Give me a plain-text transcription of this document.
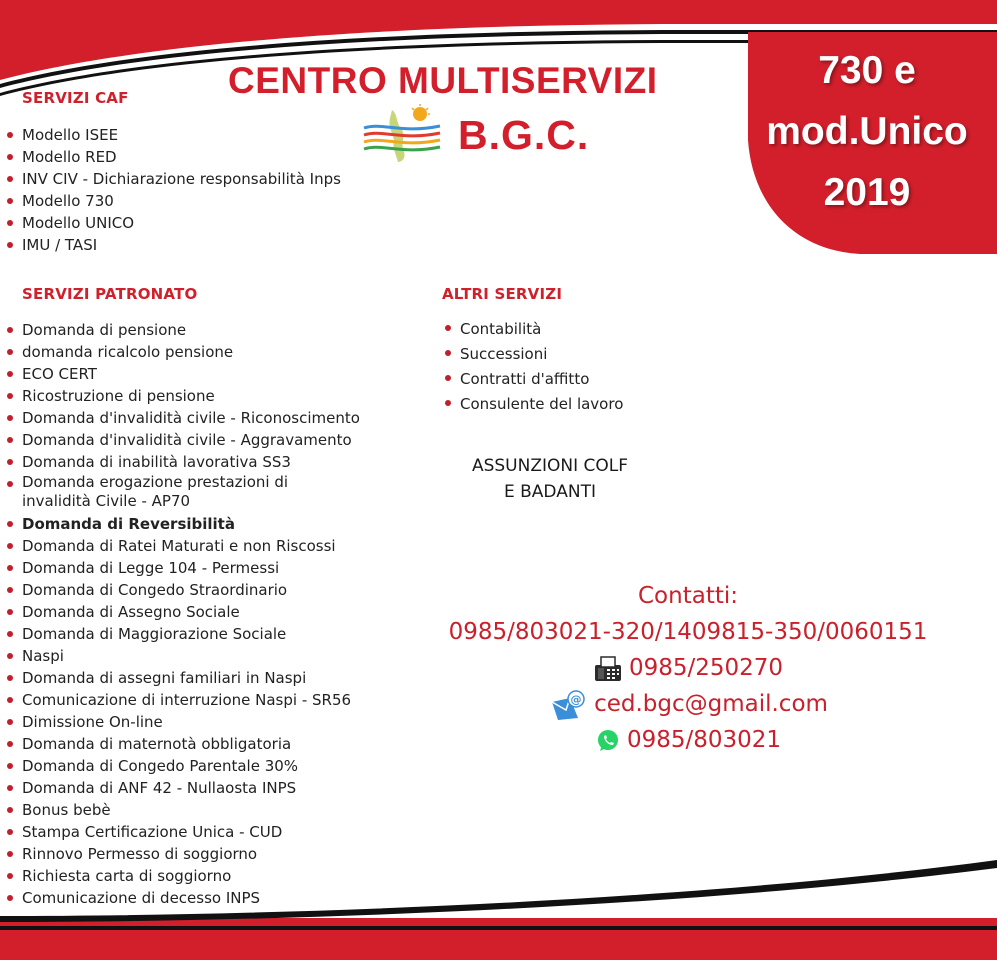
CENTRO MULTISERVIZI
B.G.C.
730 e
mod.Unico
2019
SERVIZI CAF
Modello ISEE
Modello RED
INV CIV - Dichiarazione responsabilità Inps
Modello 730
Modello UNICO
IMU / TASI
SERVIZI PATRONATO
Domanda di pensione
domanda ricalcolo pensione
ECO CERT
Ricostruzione di pensione
Domanda d'invalidità civile - Riconoscimento
Domanda d'invalidità civile - Aggravamento
Domanda di inabilità lavorativa SS3
Domanda erogazione prestazioni di invalidità Civile - AP70
Domanda di Reversibilità
Domanda di Ratei Maturati e non Riscossi
Domanda di Legge 104 - Permessi
Domanda di Congedo Straordinario
Domanda di Assegno Sociale
Domanda di Maggiorazione Sociale
Naspi
Domanda di assegni familiari in Naspi
Comunicazione di interruzione Naspi - SR56
Dimissione On-line
Domanda di maternotà obbligatoria
Domanda di Congedo Parentale 30%
Domanda di ANF 42 - Nullaosta INPS
Bonus bebè
Stampa Certificazione Unica - CUD
Rinnovo Permesso di soggiorno
Richiesta carta di soggiorno
Comunicazione di decesso INPS
ALTRI SERVIZI
Contabilità
Successioni
Contratti d'affitto
Consulente del lavoro
ASSUNZIONI COLF
E BADANTI
Contatti:
0985/803021-320/1409815-350/0060151
0985/250270
@ ced.bgc@gmail.com
0985/803021
